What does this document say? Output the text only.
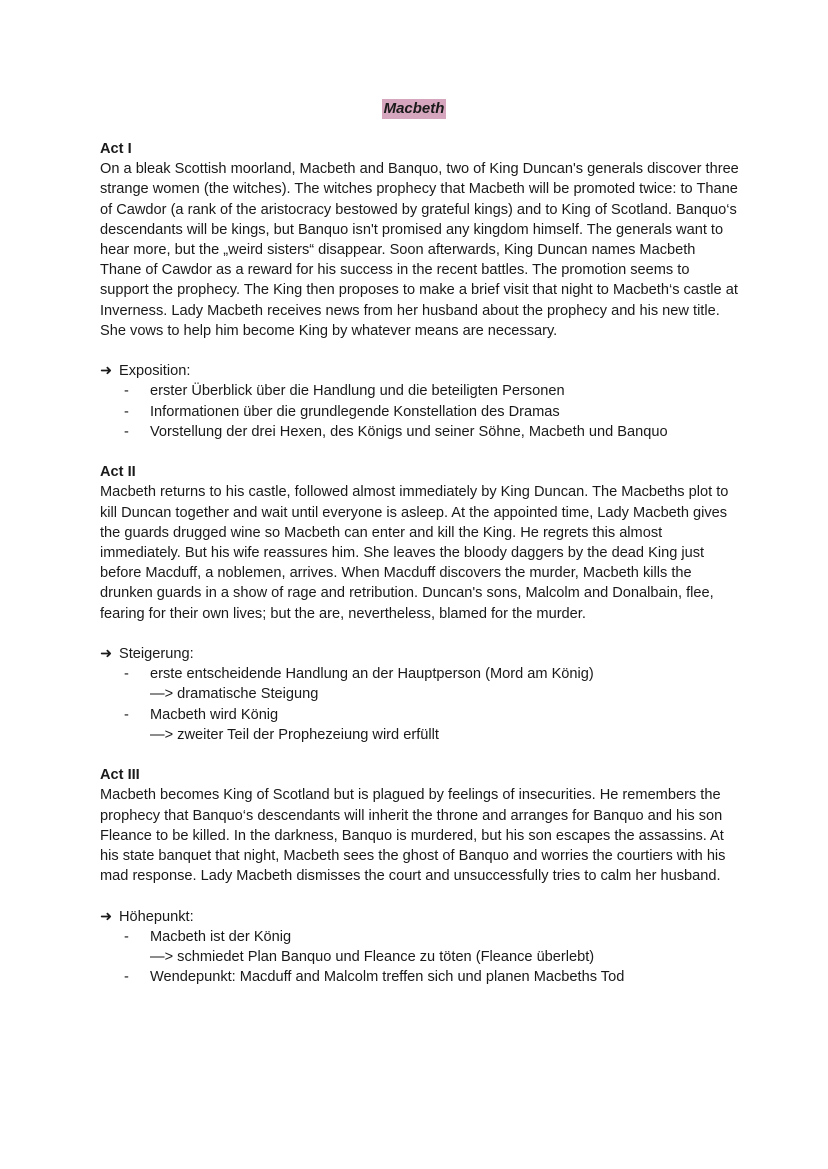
Macbeth

Act I

On a bleak Scottish moorland, Macbeth and Banquo, two of King Duncan's generals discover three strange women (the witches). The witches prophecy that Macbeth will be promoted twice: to Thane of Cawdor (a rank of the aristocracy bestowed by grateful kings) and to King of Scotland. Banquo‘s descendants will be kings, but Banquo isn't promised any kingdom himself. The generals want to hear more, but the „weird sisters“ disappear. Soon afterwards, King Duncan names Macbeth Thane of Cawdor as a reward for his success in the recent battles. The promotion seems to support the prophecy. The King then proposes to make a brief visit that night to Macbeth‘s castle at Inverness. Lady Macbeth receives news from her husband about the prophecy and his new title. She vows to help him become King by whatever means are necessary.

➜ Exposition:

- erster Überblick über die Handlung und die beteiligten Personen
- Informationen über die grundlegende Konstellation des Dramas
- Vorstellung der drei Hexen, des Königs und seiner Söhne, Macbeth und Banquo

Act II

Macbeth returns to his castle, followed almost immediately by King Duncan. The Macbeths plot to kill Duncan together and wait until everyone is asleep. At the appointed time, Lady Macbeth gives the guards drugged wine so Macbeth can enter and kill the King. He regrets this almost immediately. But his wife reassures him. She leaves the bloody daggers by the dead King just before Macduff, a noblemen, arrives. When Macduff discovers the murder, Macbeth kills the drunken guards in a show of rage and retribution. Duncan's sons, Malcolm and Donalbain, flee, fearing for their own lives; but the are, nevertheless, blamed for the murder.

➜ Steigerung:

- erste entscheidende Handlung an der Hauptperson (Mord am König)
—> dramatische Steigung
- Macbeth wird König
—> zweiter Teil der Prophezeiung wird erfüllt

Act III

Macbeth becomes King of Scotland but is plagued by feelings of insecurities. He remembers the prophecy that Banquo‘s descendants will inherit the throne and arranges for Banquo and his son Fleance to be killed. In the darkness, Banquo is murdered, but his son escapes the assassins. At his state banquet that night, Macbeth sees the ghost of Banquo and worries the courtiers with his mad response. Lady Macbeth dismisses the court and unsuccessfully tries to calm her husband.

➜ Höhepunkt:

- Macbeth ist der König
—> schmiedet Plan Banquo und Fleance zu töten (Fleance überlebt)
- Wendepunkt: Macduff and Malcolm treffen sich und planen Macbeths Tod
